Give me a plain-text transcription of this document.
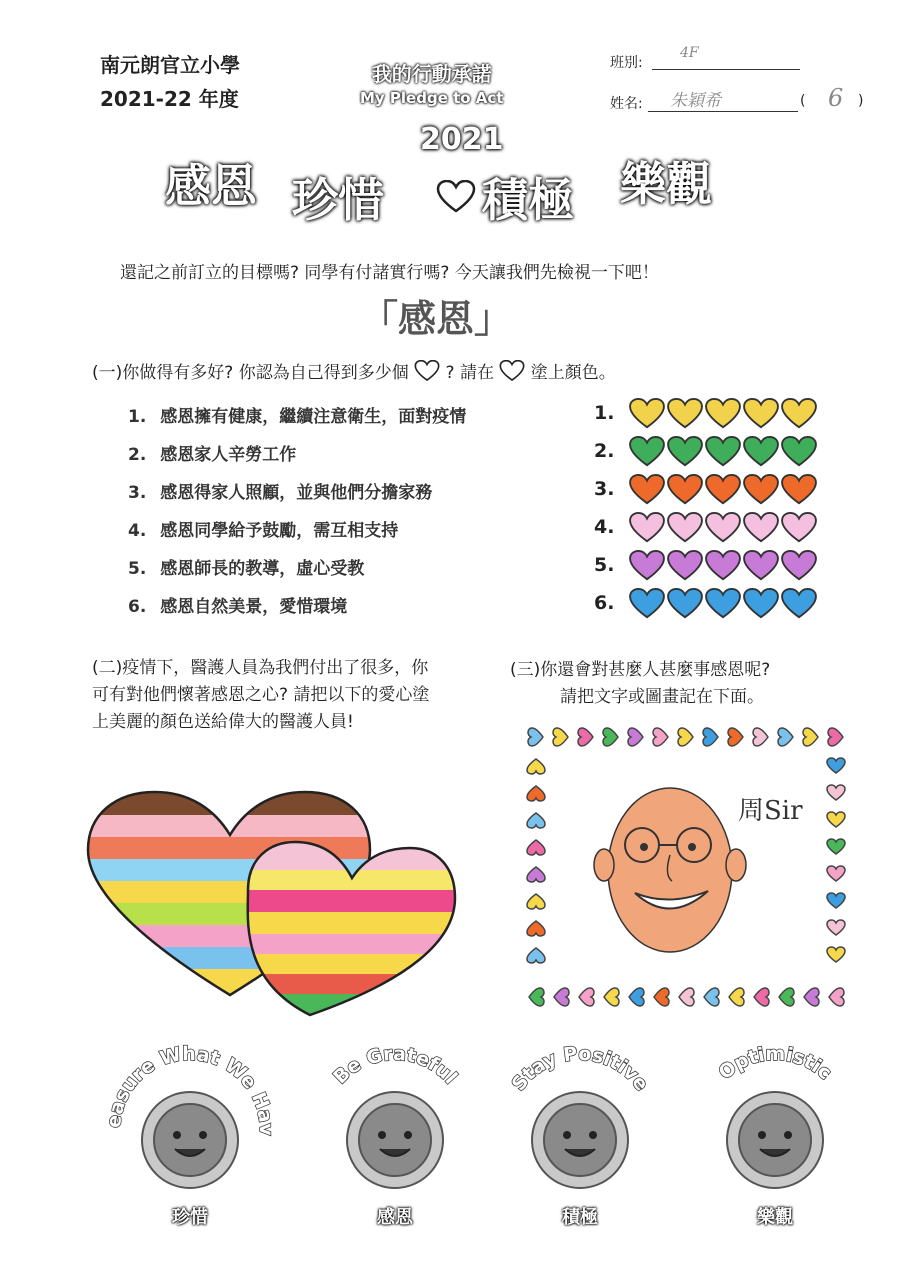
南元朗官立小學
2021-22 年度
我的行動承諾
My Pledge to Act
班別:
4F
姓名: 朱穎希	( 6 )
2021
感恩 珍惜 積極 樂觀
還記之前訂立的目標嗎? 同學有付諸實行嗎? 今天讓我們先檢視一下吧！
「感恩」
(一)你做得有多好? 你認為自己得到多少個 ? 請在 塗上顏色。
1. 感恩擁有健康，繼續注意衛生，面對疫情
2. 感恩家人辛勞工作
3. 感恩得家人照顧，並與他們分擔家務
4. 感恩同學給予鼓勵，需互相支持
5. 感恩師長的教導，虛心受教
6. 感恩自然美景，愛惜環境
1.
2.
3.
4.
5.
6.
(二)疫情下，醫護人員為我們付出了很多，你可有對他們懷著感恩之心? 請把以下的愛心塗上美麗的顏色送給偉大的醫護人員!
(三)你還會對甚麼人甚麼事感恩呢?
請把文字或圖畫記在下面。
周Sir
easure What We Hav
珍惜
Be Grateful
感恩
Stay Positive
積極
Optimistic
樂觀
